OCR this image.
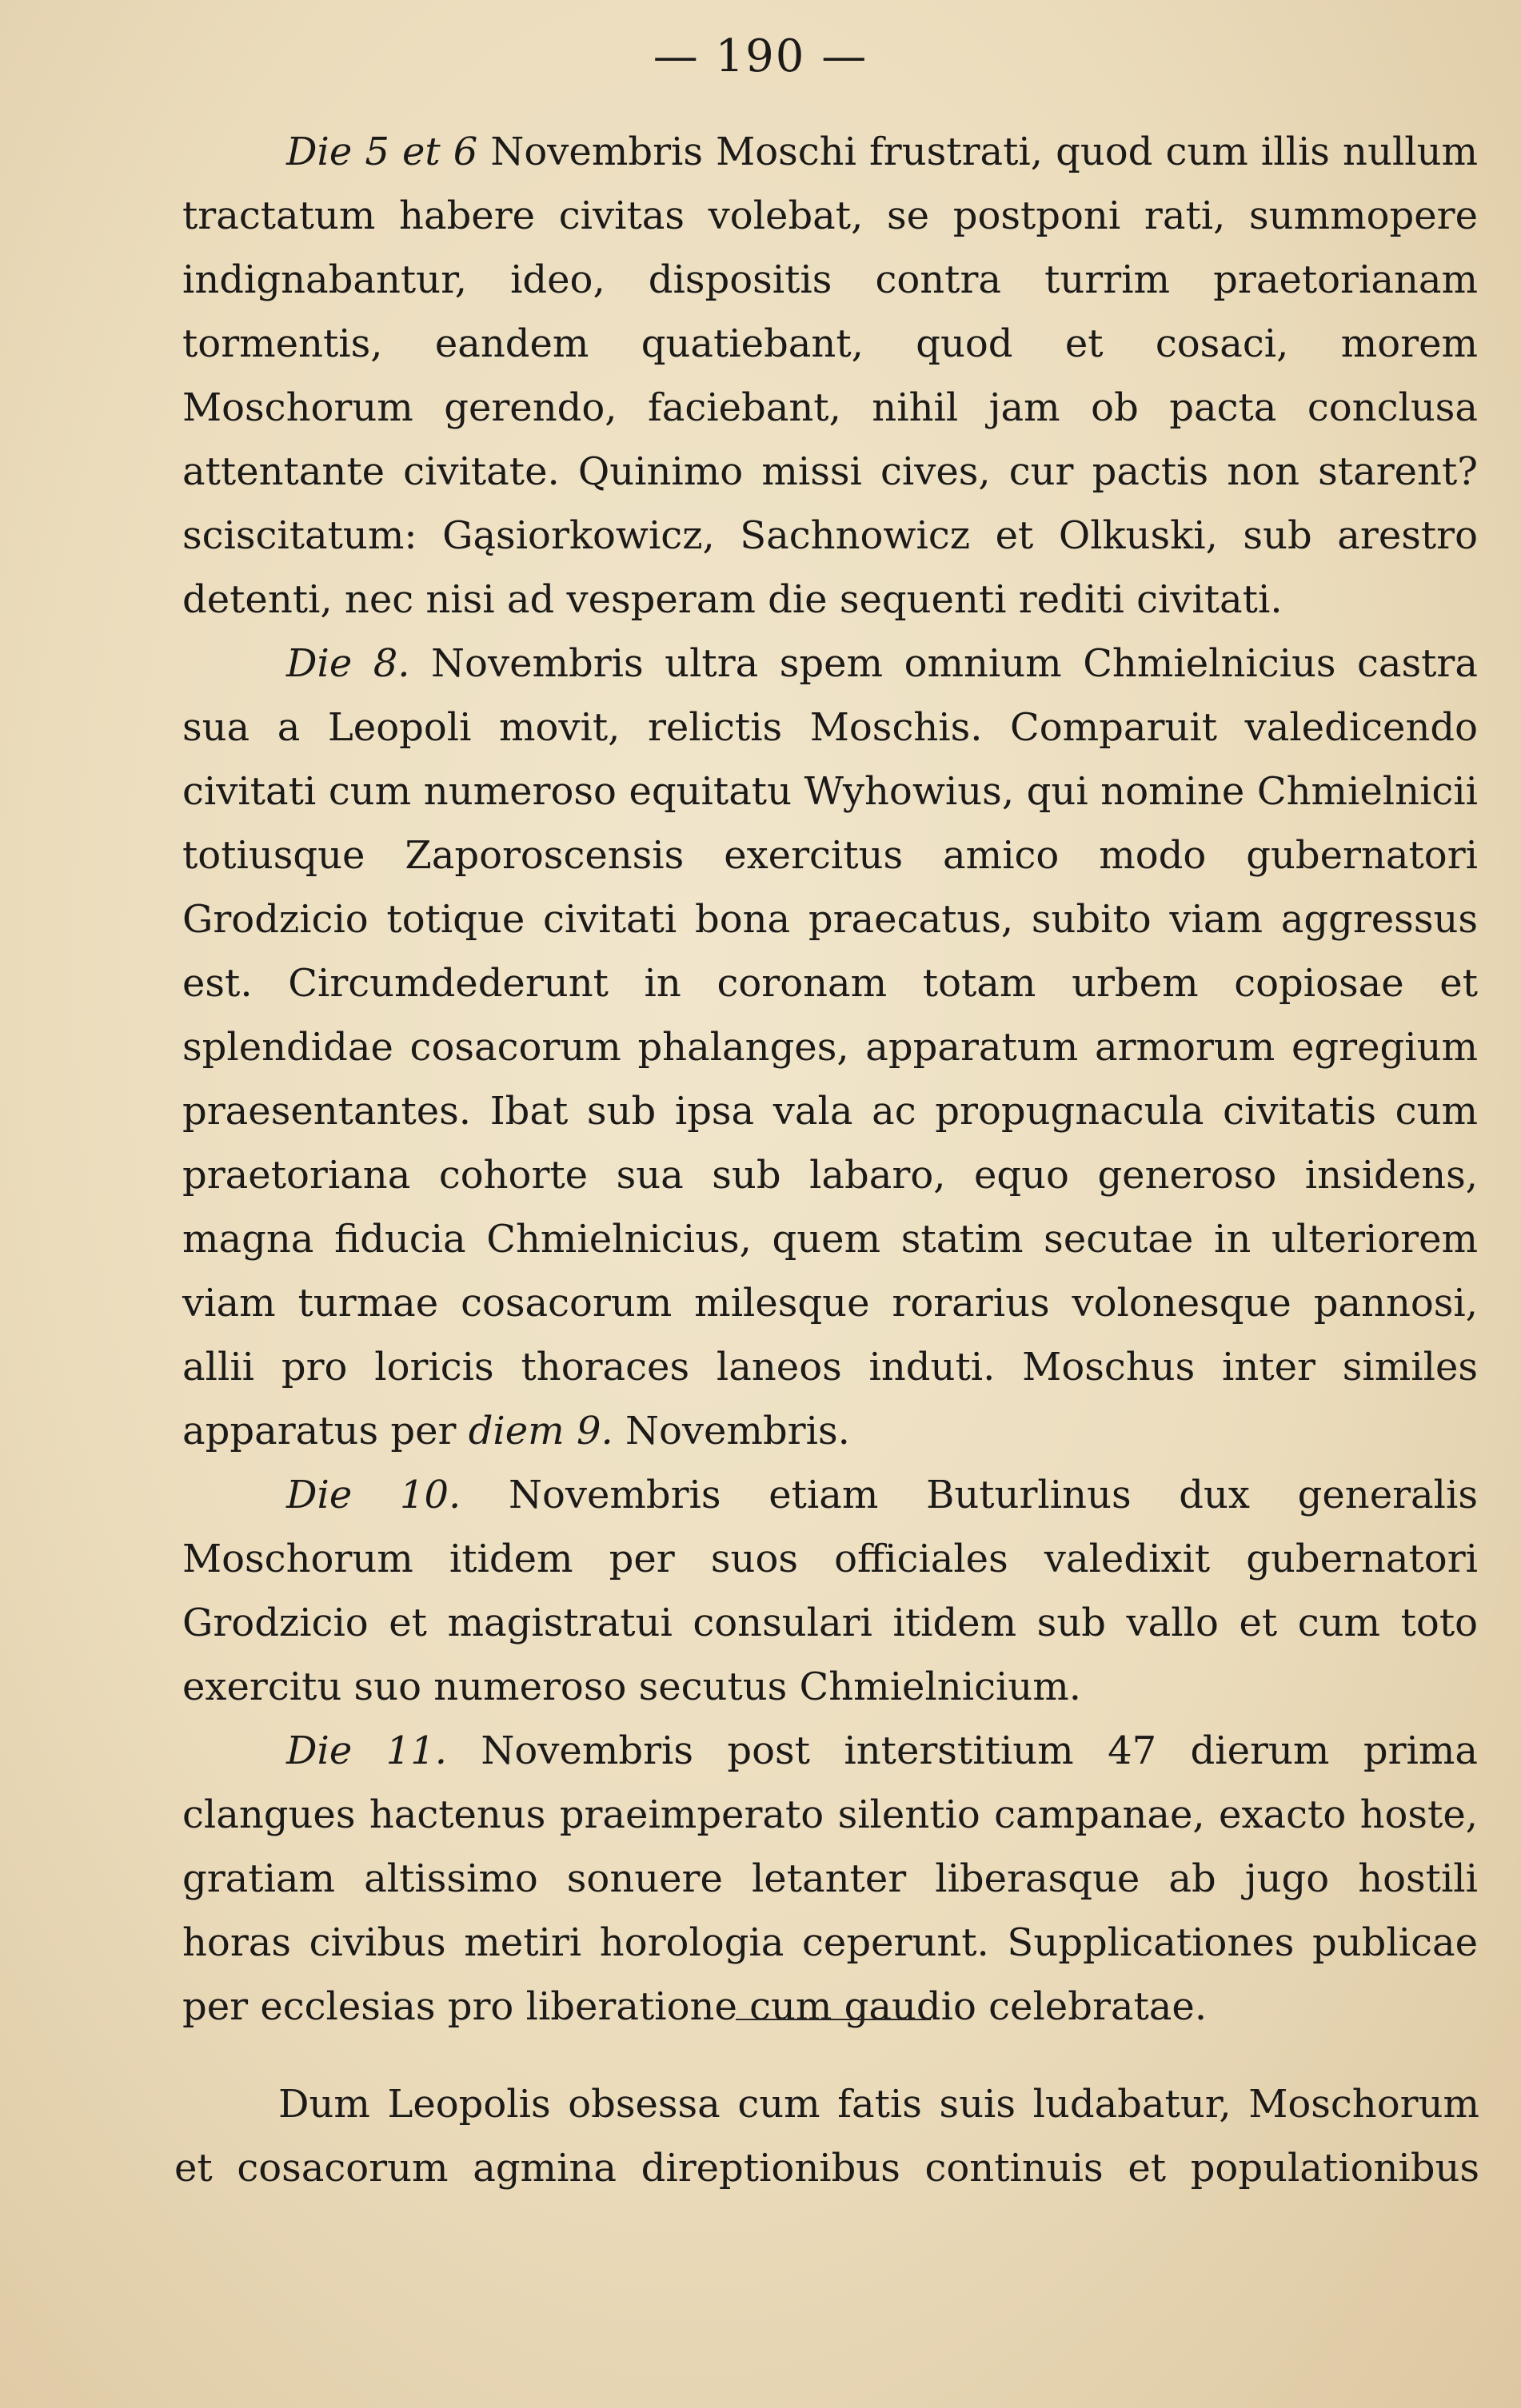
— 190 —

Die 5 et 6 Novembris Moschi frustrati, quod cum illis nullum tractatum habere civitas volebat, se postponi rati, summopere indignabantur, ideo, dispositis contra turrim praetorianam tormentis, eandem quatiebant, quod et cosaci, morem Moschorum gerendo, faciebant, nihil jam ob pacta conclusa attentante civitate. Quinimo missi cives, cur pactis non starent? sciscitatum: Gąsiorkowicz, Sachnowicz et Olkuski, sub arestro detenti, nec nisi ad vesperam die sequenti rediti civitati.

Die 8. Novembris ultra spem omnium Chmielnicius castra sua a Leopoli movit, relictis Moschis. Comparuit valedicendo civitati cum numeroso equitatu Wyhowius, qui nomine Chmielnicii totiusque Zaporoscensis exercitus amico modo gubernatori Grodzicio totique civitati bona praecatus, subito viam aggressus est. Circumdederunt in coronam totam urbem copiosae et splendidae cosacorum phalanges, apparatum armorum egregium praesentantes. Ibat sub ipsa vala ac propugnacula civitatis cum praetoriana cohorte sua sub labaro, equo generoso insidens, magna fiducia Chmielnicius, quem statim secutae in ulteriorem viam turmae cosacorum milesque rorarius volonesque pannosi, allii pro loricis thoraces laneos induti. Moschus inter similes apparatus per diem 9. Novembris.

Die 10. Novembris etiam Buturlinus dux generalis Moschorum itidem per suos officiales valedixit gubernatori Grodzicio et magistratui consulari itidem sub vallo et cum toto exercitu suo numeroso secutus Chmielnicium.

Die 11. Novembris post interstitium 47 dierum prima clangues hactenus praeimperato silentio campanae, exacto hoste, gratiam altissimo sonuere letanter liberasque ab jugo hostili horas civibus metiri horologia ceperunt. Supplicationes publicae per ecclesias pro liberatione cum gaudio celebratae.

Dum Leopolis obsessa cum fatis suis ludabatur, Moschorum et cosacorum agmina direptionibus continuis et populationibus
